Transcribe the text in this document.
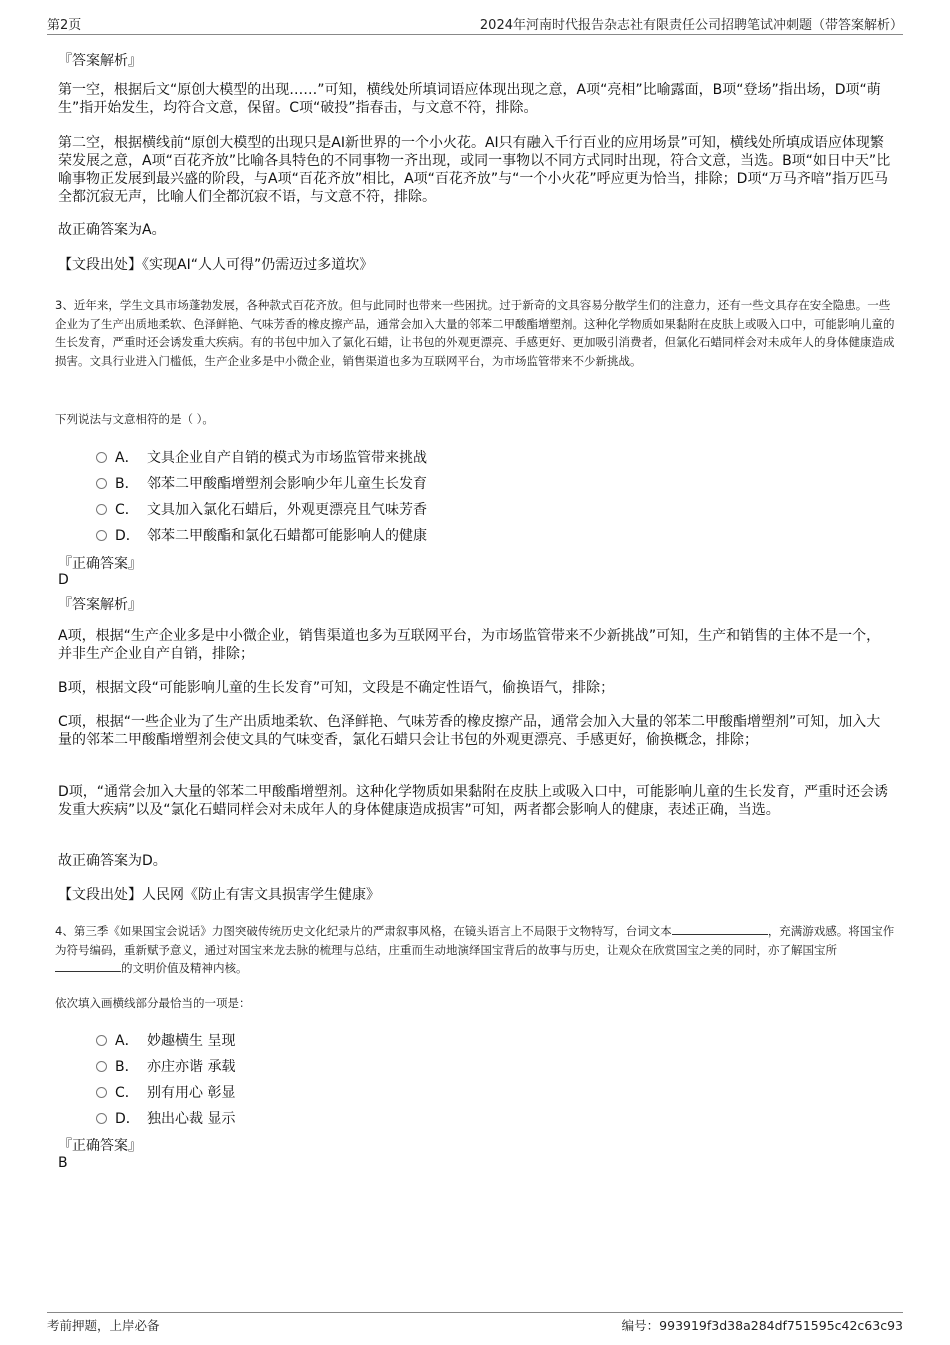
第2页	2024年河南时代报告杂志社有限责任公司招聘笔试冲刺题（带答案解析）
『答案解析』

第一空，根据后文“原创大模型的出现……”可知，横线处所填词语应体现出现之意，A项“亮相”比喻露面，B项“登场”指出场，D项“萌生”指开始发生，均符合文意，保留。C项“破投”指春击，与文意不符，排除。

第二空，根据横线前“原创大模型的出现只是AI新世界的一个小火花。AI只有融入千行百业的应用场景”可知，横线处所填成语应体现繁荣发展之意，A项“百花齐放”比喻各具特色的不同事物一齐出现，或同一事物以不同方式同时出现，符合文意，当选。B项“如日中天”比喻事物正发展到最兴盛的阶段，与A项“百花齐放”相比，A项“百花齐放”与“一个小火花”呼应更为恰当，排除；D项“万马齐喑”指万匹马全都沉寂无声，比喻人们全都沉寂不语，与文意不符，排除。

故正确答案为A。

【文段出处】《实现AI“人人可得”仍需迈过多道坎》

3、近年来，学生文具市场蓬勃发展，各种款式百花齐放。但与此同时也带来一些困扰。过于新奇的文具容易分散学生们的注意力，还有一些文具存在安全隐患。一些企业为了生产出质地柔软、色泽鲜艳、气味芳香的橡皮擦产品，通常会加入大量的邻苯二甲酸酯增塑剂。这种化学物质如果黏附在皮肤上或吸入口中，可能影响儿童的生长发育，严重时还会诱发重大疾病。有的书包中加入了氯化石蜡，让书包的外观更漂亮、手感更好、更加吸引消费者，但氯化石蜡同样会对未成年人的身体健康造成损害。文具行业进入门槛低，生产企业多是中小微企业，销售渠道也多为互联网平台，为市场监管带来不少新挑战。

下列说法与文意相符的是（ ）。

A． 文具企业自产自销的模式为市场监管带来挑战
B． 邻苯二甲酸酯增塑剂会影响少年儿童生长发育
C． 文具加入氯化石蜡后，外观更漂亮且气味芳香
D． 邻苯二甲酸酯和氯化石蜡都可能影响人的健康
『正确答案』
D
『答案解析』

A项，根据“生产企业多是中小微企业，销售渠道也多为互联网平台，为市场监管带来不少新挑战”可知，生产和销售的主体不是一个，并非生产企业自产自销，排除；

B项，根据文段“可能影响儿童的生长发育”可知，文段是不确定性语气，偷换语气，排除；

C项，根据“一些企业为了生产出质地柔软、色泽鲜艳、气味芳香的橡皮擦产品，通常会加入大量的邻苯二甲酸酯增塑剂”可知，加入大量的邻苯二甲酸酯增塑剂会使文具的气味变香，氯化石蜡只会让书包的外观更漂亮、手感更好，偷换概念，排除；

D项，“通常会加入大量的邻苯二甲酸酯增塑剂。这种化学物质如果黏附在皮肤上或吸入口中，可能影响儿童的生长发育，严重时还会诱发重大疾病”以及“氯化石蜡同样会对未成年人的身体健康造成损害”可知，两者都会影响人的健康，表述正确，当选。

故正确答案为D。

【文段出处】人民网《防止有害文具损害学生健康》

4、第三季《如果国宝会说话》力图突破传统历史文化纪录片的严肃叙事风格，在镜头语言上不局限于文物特写，台词文本	，充满游戏感。将国宝作为符号编码，重新赋予意义，通过对国宝来龙去脉的梳理与总结，庄重而生动地演绎国宝背后的故事与历史，让观众在欣赏国宝之美的同时，亦了解国宝所的文明价值及精神内核。

依次填入画横线部分最恰当的一项是：

A． 妙趣横生 呈现
B． 亦庄亦谐 承载
C． 别有用心 彰显
D． 独出心裁 显示
『正确答案』
B
考前押题，上岸必备	编号：993919f3d38a284df751595c42c63c93
